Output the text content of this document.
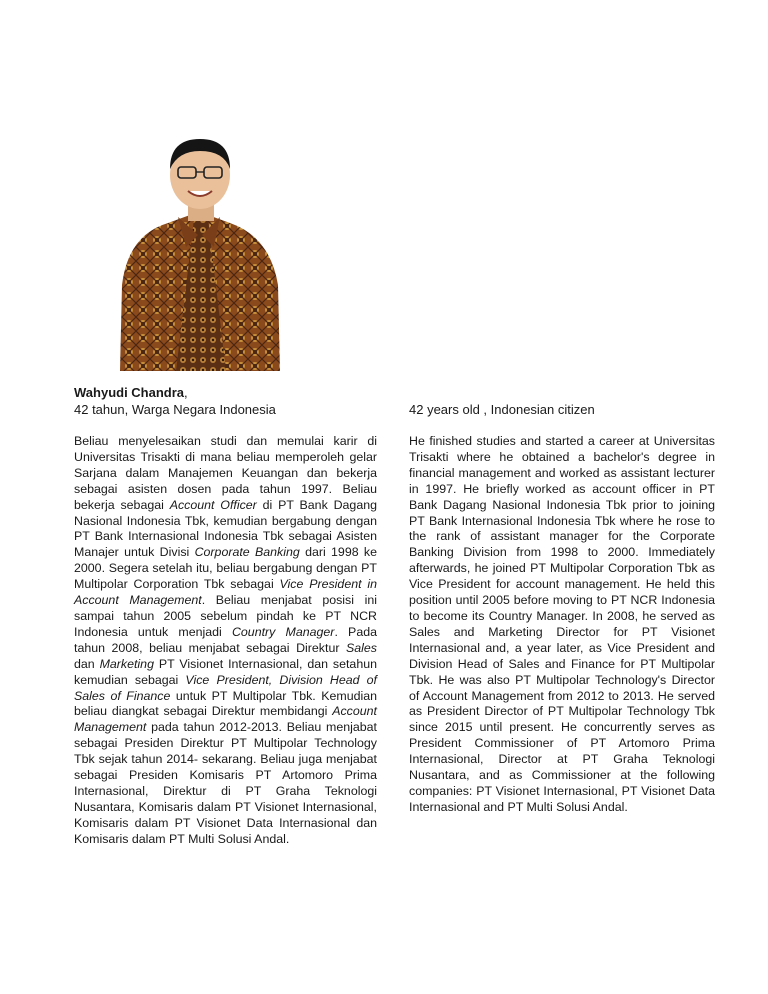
Wahyudi Chandra,
42 tahun, Warga Negara Indonesia	42 years old , Indonesian citizen
Beliau menyelesaikan studi dan memulai karir di Universitas Trisakti di mana beliau memperoleh gelar Sarjana dalam Manajemen Keuangan dan bekerja sebagai asisten dosen pada tahun 1997. Beliau bekerja sebagai Account Officer di PT Bank Dagang Nasional Indonesia Tbk, kemudian bergabung dengan PT Bank Internasional Indonesia Tbk sebagai Asisten Manajer untuk Divisi Corporate Banking dari 1998 ke 2000. Segera setelah itu, beliau bergabung dengan PT Multipolar Corporation Tbk sebagai Vice President in Account Management. Beliau menjabat posisi ini sampai tahun 2005 sebelum pindah ke PT NCR Indonesia untuk menjadi Country Manager. Pada tahun 2008, beliau menjabat sebagai Direktur Sales dan Marketing PT Visionet Internasional, dan setahun kemudian sebagai Vice President, Division Head of Sales of Finance untuk PT Multipolar Tbk. Kemudian beliau diangkat sebagai Direktur membidangi Account Management pada tahun 2012-2013. Beliau menjabat sebagai Presiden Direktur PT Multipolar Technology Tbk sejak tahun 2014- sekarang. Beliau juga menjabat sebagai Presiden Komisaris PT Artomoro Prima Internasional, Direktur di PT Graha Teknologi Nusantara, Komisaris dalam PT Visionet Internasional, Komisaris dalam PT Visionet Data Internasional dan Komisaris dalam PT Multi Solusi Andal.
He finished studies and started a career at Universitas Trisakti where he obtained a bachelor's degree in financial management and worked as assistant lecturer in 1997. He briefly worked as account officer in PT Bank Dagang Nasional Indonesia Tbk prior to joining PT Bank Internasional Indonesia Tbk where he rose to the rank of assistant manager for the Corporate Banking Division from 1998 to 2000. Immediately afterwards, he joined PT Multipolar Corporation Tbk as Vice President for account management. He held this position until 2005 before moving to PT NCR Indonesia to become its Country Manager. In 2008, he served as Sales and Marketing Director for PT Visionet Internasional and, a year later, as Vice President and Division Head of Sales and Finance for PT Multipolar Tbk. He was also PT Multipolar Technology's Director of Account Management from 2012 to 2013. He served as President Director of PT Multipolar Technology Tbk since 2015 until present. He concurrently serves as President Commissioner of PT Artomoro Prima Internasional, Director at PT Graha Teknologi Nusantara, and as Commissioner at the following companies: PT Visionet Internasional, PT Visionet Data Internasional and PT Multi Solusi Andal.
